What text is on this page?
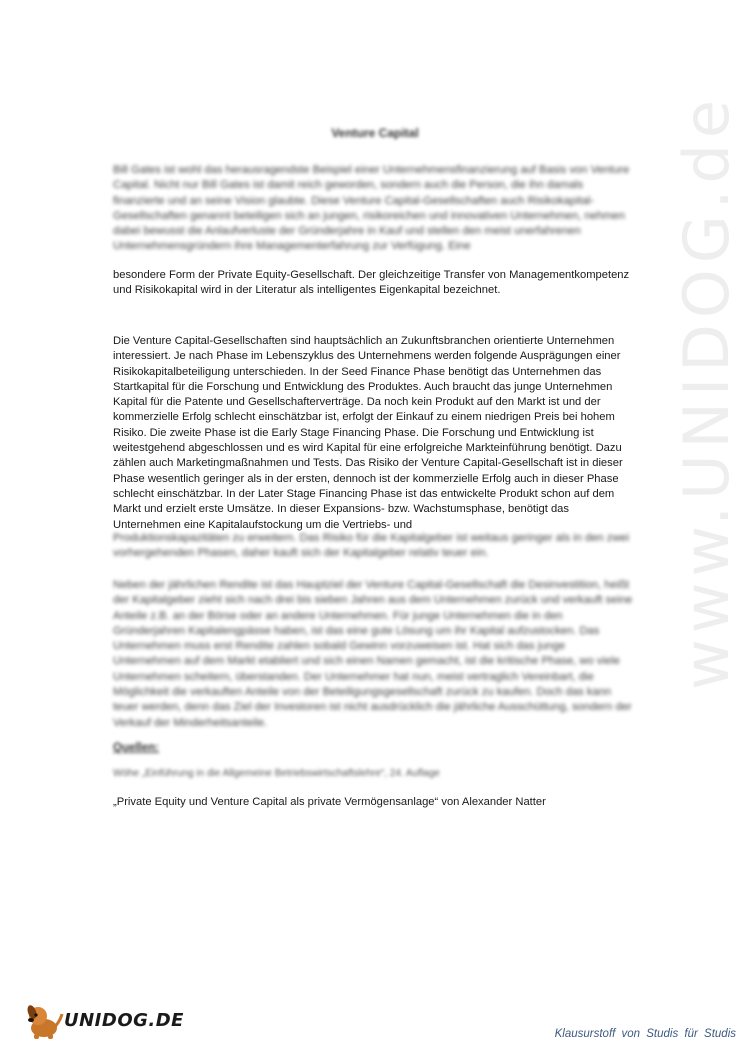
www.UNIDOG.de
Venture Capital

Bill Gates ist wohl das herausragendste Beispiel einer Unternehmensfinanzierung auf Basis von Venture Capital. Nicht nur Bill Gates ist damit reich geworden, sondern auch die Person, die ihn damals finanzierte und an seine Vision glaubte. Diese Venture Capital-Gesellschaften auch Risikokapital-Gesellschaften genannt beteiligen sich an jungen, risikoreichen und innovativen Unternehmen, nehmen dabei bewusst die Anlaufverluste der Gründerjahre in Kauf und stellen den meist unerfahrenen Unternehmensgründern ihre Managementerfahrung zur Verfügung. Eine

besondere Form der Private Equity-Gesellschaft. Der gleichzeitige Transfer von Managementkompetenz und Risikokapital wird in der Literatur als intelligentes Eigenkapital bezeichnet.

Die Venture Capital-Gesellschaften sind hauptsächlich an Zukunftsbranchen orientierte Unternehmen interessiert. Je nach Phase im Lebenszyklus des Unternehmens werden folgende Ausprägungen einer Risikokapitalbeteiligung unterschieden. In der Seed Finance Phase benötigt das Unternehmen das Startkapital für die Forschung und Entwicklung des Produktes. Auch braucht das junge Unternehmen Kapital für die Patente und Gesellschafterverträge. Da noch kein Produkt auf den Markt ist und der kommerzielle Erfolg schlecht einschätzbar ist, erfolgt der Einkauf zu einem niedrigen Preis bei hohem Risiko. Die zweite Phase ist die Early Stage Financing Phase. Die Forschung und Entwicklung ist weitestgehend abgeschlossen und es wird Kapital für eine erfolgreiche Markteinführung benötigt. Dazu zählen auch Marketingmaßnahmen und Tests. Das Risiko der Venture Capital-Gesellschaft ist in dieser Phase wesentlich geringer als in der ersten, dennoch ist der kommerzielle Erfolg auch in dieser Phase schlecht einschätzbar. In der Later Stage Financing Phase ist das entwickelte Produkt schon auf dem Markt und erzielt erste Umsätze. In dieser Expansions- bzw. Wachstumsphase, benötigt das Unternehmen eine Kapitalaufstockung um die Vertriebs- und

Produktionskapazitäten zu erweitern. Das Risiko für die Kapitalgeber ist weitaus geringer als in den zwei vorhergehenden Phasen, daher kauft sich der Kapitalgeber relativ teuer ein.

Neben der jährlichen Rendite ist das Hauptziel der Venture Capital-Gesellschaft die Desinvestition, heißt der Kapitalgeber zieht sich nach drei bis sieben Jahren aus dem Unternehmen zurück und verkauft seine Anteile z.B. an der Börse oder an andere Unternehmen. Für junge Unternehmen die in den Gründerjahren Kapitalengpässe haben, ist das eine gute Lösung um ihr Kapital aufzustocken. Das Unternehmen muss erst Rendite zahlen sobald Gewinn vorzuweisen ist. Hat sich das junge Unternehmen auf dem Markt etabliert und sich einen Namen gemacht, ist die kritische Phase, wo viele Unternehmen scheitern, überstanden. Der Unternehmer hat nun, meist vertraglich Vereinbart, die Möglichkeit die verkauften Anteile von der Beteiligungsgesellschaft zurück zu kaufen. Doch das kann teuer werden, denn das Ziel der Investoren ist nicht ausdrücklich die jährliche Ausschüttung, sondern der Verkauf der Minderheitsanteile.

Quellen:
Wöhe „Einführung in die Allgemeine Betriebswirtschaftslehre“, 24. Auflage
„Private Equity und Venture Capital als private Vermögensanlage“ von Alexander Natter
UNIDOG.DE
Klausurstoff von Studis für Studis
